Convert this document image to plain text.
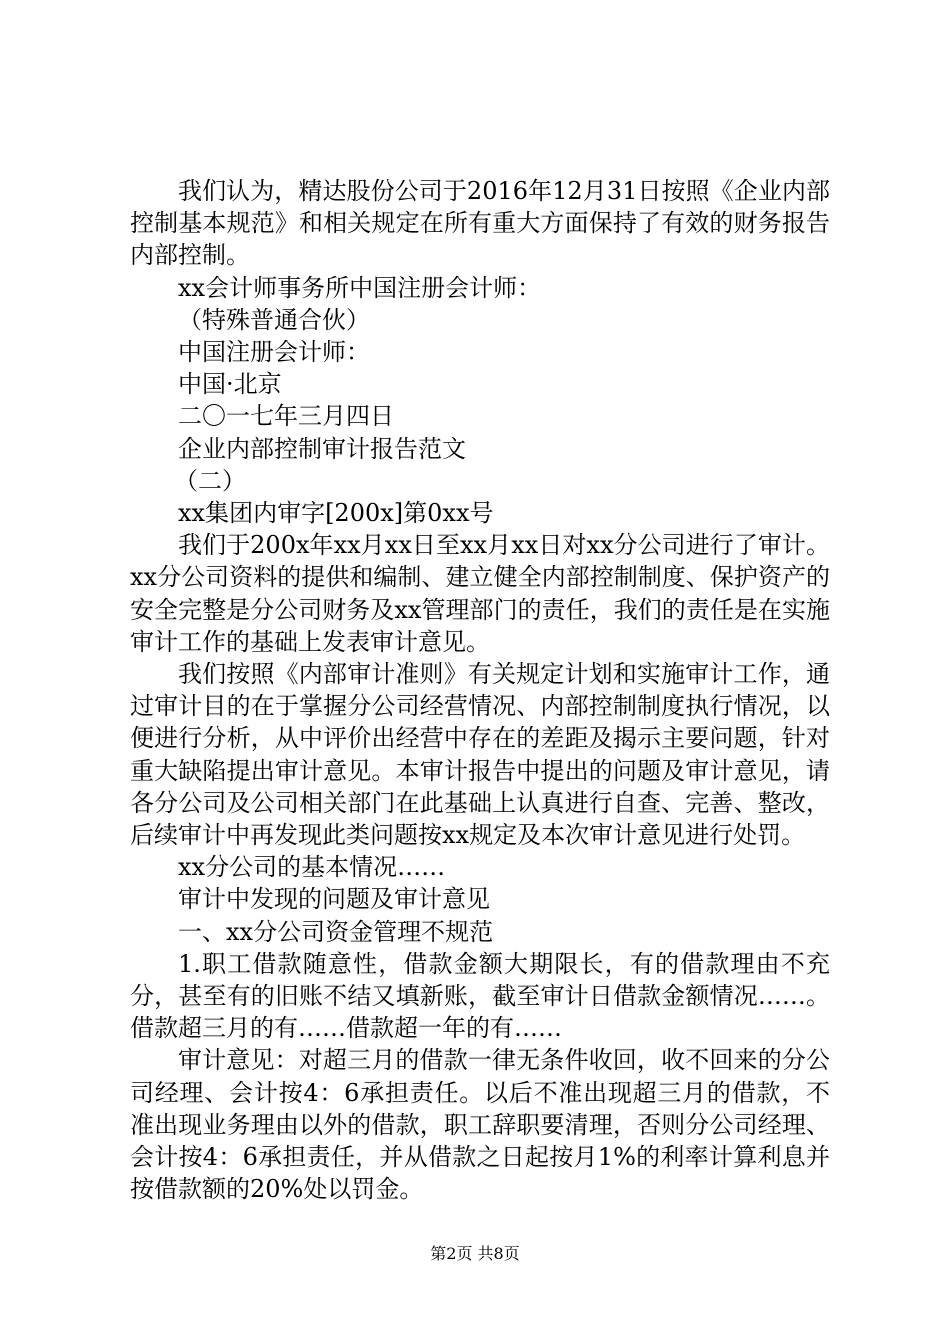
我们认为，精达股份公司于2016年12月31日按照《企业内部控制基本规范》和相关规定在所有重大方面保持了有效的财务报告内部控制。

xx会计师事务所中国注册会计师：

（特殊普通合伙）

中国注册会计师：

中国·北京

二〇一七年三月四日

企业内部控制审计报告范文

（二）

xx集团内审字[200x]第0xx号

我们于200x年xx月xx日至xx月xx日对xx分公司进行了审计。xx分公司资料的提供和编制、建立健全内部控制制度、保护资产的安全完整是分公司财务及xx管理部门的责任，我们的责任是在实施审计工作的基础上发表审计意见。

我们按照《内部审计准则》有关规定计划和实施审计工作，通过审计目的在于掌握分公司经营情况、内部控制制度执行情况，以便进行分析，从中评价出经营中存在的差距及揭示主要问题，针对重大缺陷提出审计意见。本审计报告中提出的问题及审计意见，请各分公司及公司相关部门在此基础上认真进行自查、完善、整改，后续审计中再发现此类问题按xx规定及本次审计意见进行处罚。

xx分公司的基本情况……

审计中发现的问题及审计意见

一、xx分公司资金管理不规范

1.职工借款随意性，借款金额大期限长，有的借款理由不充分，甚至有的旧账不结又填新账，截至审计日借款金额情况……。借款超三月的有……借款超一年的有……

审计意见：对超三月的借款一律无条件收回，收不回来的分公司经理、会计按4：6承担责任。以后不准出现超三月的借款，不准出现业务理由以外的借款，职工辞职要清理，否则分公司经理、会计按4：6承担责任，并从借款之日起按月1%的利率计算利息并按借款额的20%处以罚金。

第2页 共8页
